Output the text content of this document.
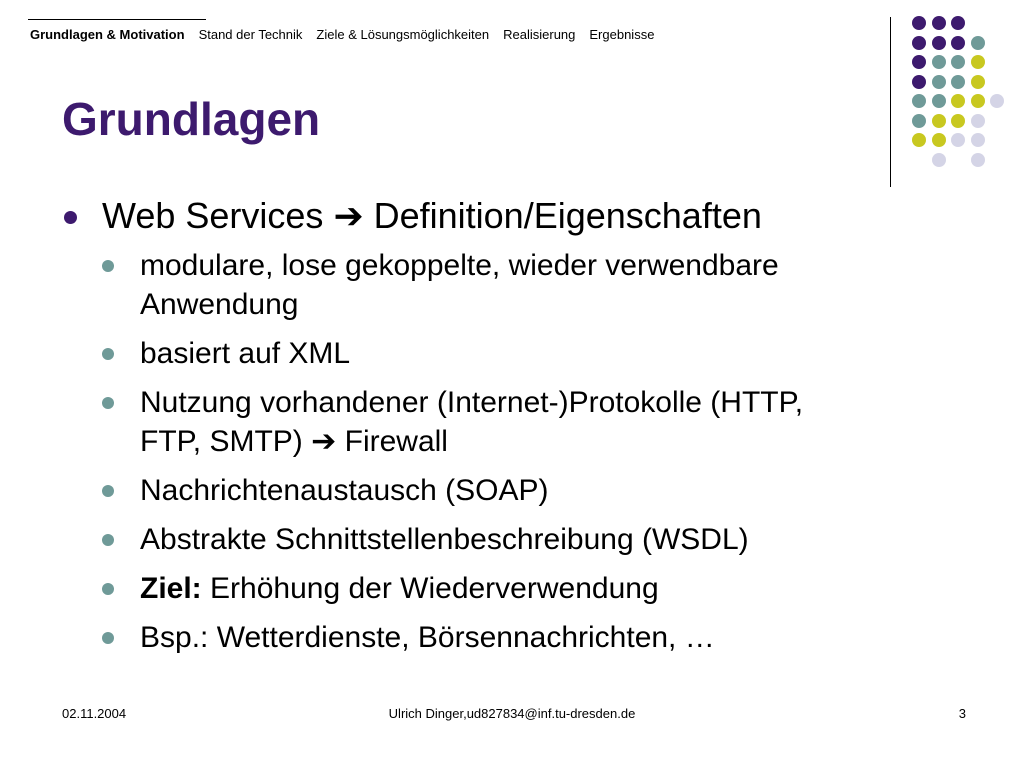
Grundlagen & Motivation Stand der Technik Ziele & Lösungsmöglichkeiten Realisierung Ergebnisse
Grundlagen
Web Services ➔ Definition/Eigenschaften
modulare, lose gekoppelte, wieder verwendbare
Anwendung
basiert auf XML
Nutzung vorhandener (Internet-)Protokolle (HTTP,
FTP, SMTP) ➔ Firewall
Nachrichtenaustausch (SOAP)
Abstrakte Schnittstellenbeschreibung (WSDL)
Ziel: Erhöhung der Wiederverwendung
Bsp.: Wetterdienste, Börsennachrichten, …
02.11.2004	Ulrich Dinger,ud827834@inf.tu-dresden.de	3
